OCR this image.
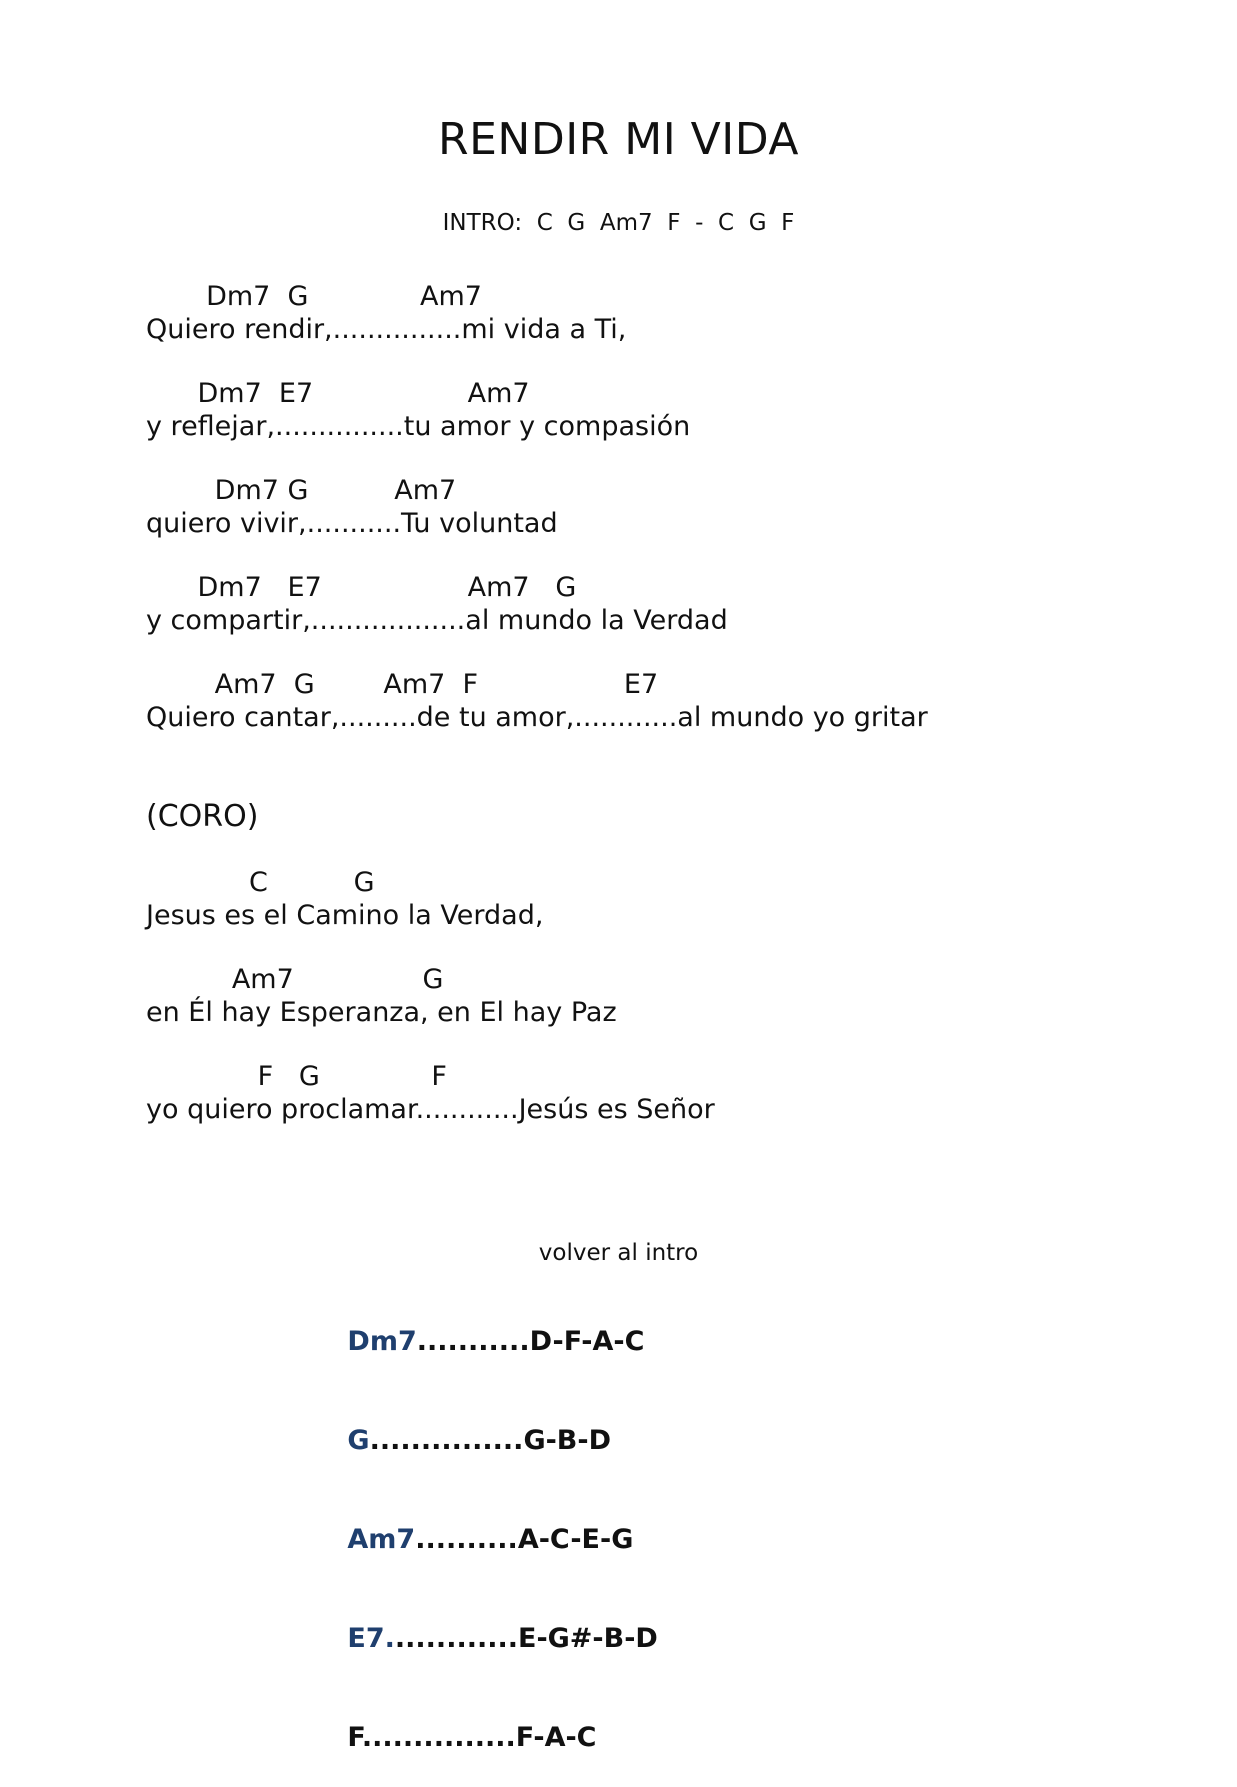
RENDIR MI VIDA
INTRO:  C  G  Am7  F  -  C  G  F
Dm7  G             Am7
Quiero rendir,...............mi vida a Ti,
Dm7  E7                  Am7
y reflejar,...............tu amor y compasión
Dm7 G          Am7
quiero vivir,...........Tu voluntad
Dm7   E7                 Am7   G
y compartir,..................al mundo la Verdad
Am7  G        Am7  F                 E7
Quiero cantar,.........de tu amor,............al mundo yo gritar
(CORO)
C          G
Jesus es el Camino la Verdad,
Am7               G
en Él hay Esperanza, en El hay Paz
F   G             F
yo quiero proclamar............Jesús es Señor
volver al intro

Dm7...........D-F-A-C

G...............G-B-D

Am7..........A-C-E-G

E7.............E-G#-B-D

F...............F-A-C
